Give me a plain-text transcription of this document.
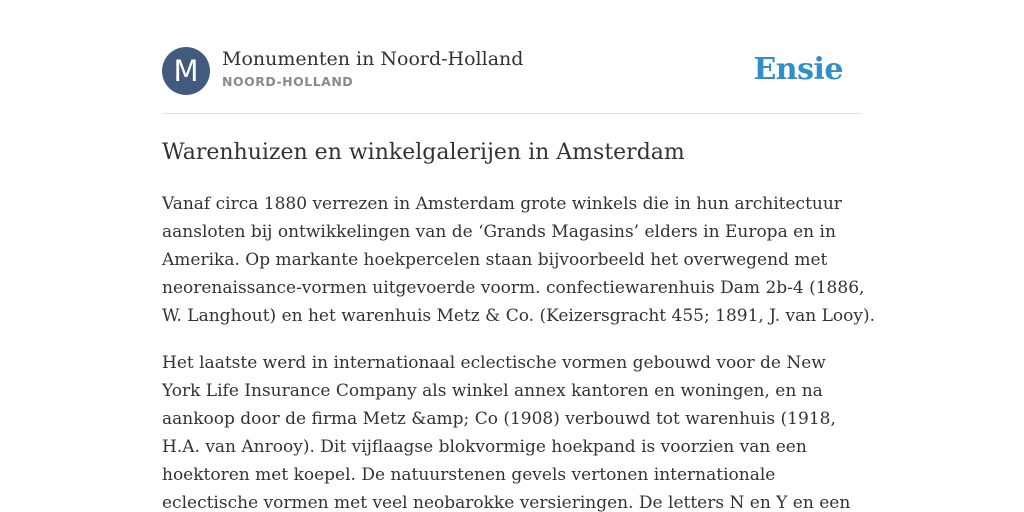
M	Monumenten in Noord-Holland
NOORD-HOLLAND	Ensie
Warenhuizen en winkelgalerijen in Amsterdam

Vanaf circa 1880 verrezen in Amsterdam grote winkels die in hun architectuur
aansloten bij ontwikkelingen van de ‘Grands Magasins’ elders in Europa en in
Amerika. Op markante hoekpercelen staan bijvoorbeeld het overwegend met
neorenaissance-vormen uitgevoerde voorm. confectiewarenhuis Dam 2b-4 (1886,
W. Langhout) en het warenhuis Metz & Co. (Keizersgracht 455; 1891, J. van Looy).

Het laatste werd in internationaal eclectische vormen gebouwd voor de New
York Life Insurance Company als winkel annex kantoren en woningen, en na
aankoop door de firma Metz &amp; Co (1908) verbouwd tot warenhuis (1918,
H.A. van Anrooy). Dit vijflaagse blokvormige hoekpand is voorzien van een
hoektoren met koepel. De natuurstenen gevels vertonen internationale
eclectische vormen met veel neobarokke versieringen. De letters N en Y en een
